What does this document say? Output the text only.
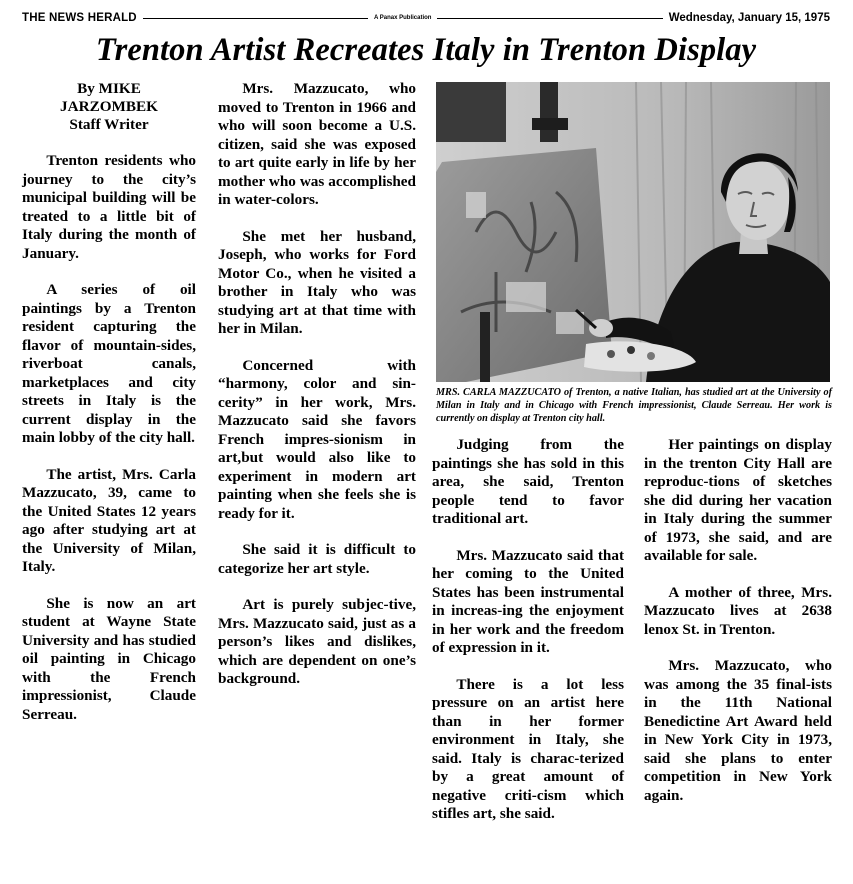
THE NEWS HERALD	A Panax Publication	Wednesday, January 15, 1975
Trenton Artist Recreates Italy in Trenton Display
By MIKE
JARZOMBEK
Staff Writer

Trenton residents who journey to the city’s municipal building will be treated to a little bit of Italy during the month of January.

A series of oil paintings by a Trenton resident capturing the flavor of mountain-sides, riverboat canals, marketplaces and city streets in Italy is the current display in the main lobby of the city hall.

The artist, Mrs. Carla Mazzucato, 39, came to the United States 12 years ago after studying art at the University of Milan, Italy.

She is now an art student at Wayne State University and has studied oil painting in Chicago with the French impressionist, Claude Serreau.

Mrs. Mazzucato, who moved to Trenton in 1966 and who will soon become a U.S. citizen, said she was exposed to art quite early in life by her mother who was accomplished in water-colors.

She met her husband, Joseph, who works for Ford Motor Co., when he visited a brother in Italy who was studying art at that time with her in Milan.

Concerned with “harmony, color and sin-cerity” in her work, Mrs. Mazzucato said she favors French impres-sionism in art,but would also like to experiment in modern art painting when she feels she is ready for it.

She said it is difficult to categorize her art style.

Art is purely subjec-tive, Mrs. Mazzucato said, just as a person’s likes and dislikes, which are dependent on one’s background.

MRS. CARLA MAZZUCATO of Trenton, a native Italian, has studied art at the University of Milan in Italy and in Chicago with French impressionist, Claude Serreau. Her work is currently on display at Trenton city hall.

Judging from the paintings she has sold in this area, she said, Trenton people tend to favor traditional art.

Mrs. Mazzucato said that her coming to the United States has been instrumental in increas-ing the enjoyment in her work and the freedom of expression in it.

There is a lot less pressure on an artist here than in her former environment in Italy, she said. Italy is charac-terized by a great amount of negative criti-cism which stifles art, she said.

Her paintings on display in the trenton City Hall are reproduc-tions of sketches she did during her vacation in Italy during the summer of 1973, she said, and are available for sale.

A mother of three, Mrs. Mazzucato lives at 2638 lenox St. in Trenton.

Mrs. Mazzucato, who was among the 35 final-ists in the 11th National Benedictine Art Award held in New York City in 1973, said she plans to enter competition in New York again.
